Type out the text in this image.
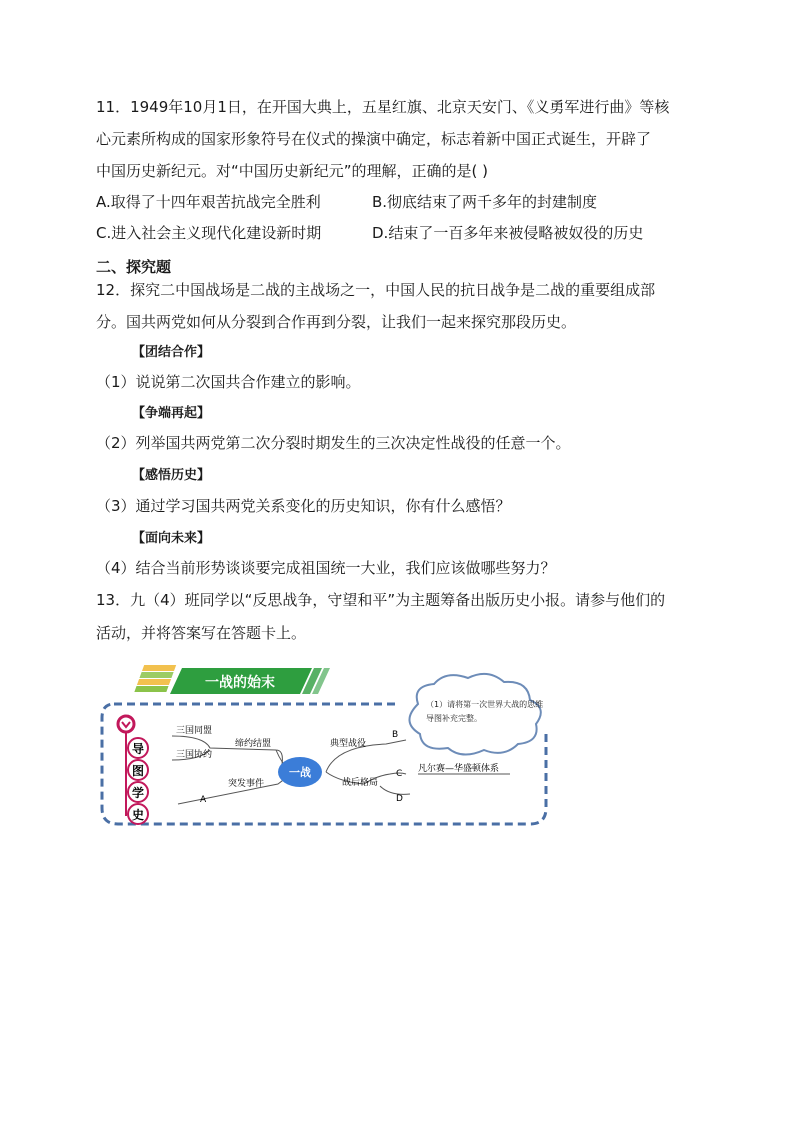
11．1949年10月1日，在开国大典上，五星红旗、北京天安门、《义勇军进行曲》等核

心元素所构成的国家形象符号在仪式的操演中确定，标志着新中国正式诞生，开辟了

中国历史新纪元。对“中国历史新纪元”的理解，正确的是( )

A.取得了十四年艰苦抗战完全胜利	B.彻底结束了两千多年的封建制度
C.进入社会主义现代化建设新时期	D.结束了一百多年来被侵略被奴役的历史

二、探究题

12．探究二中国战场是二战的主战场之一，中国人民的抗日战争是二战的重要组成部

分。国共两党如何从分裂到合作再到分裂，让我们一起来探究那段历史。

【团结合作】

（1）说说第二次国共合作建立的影响。

【争端再起】

（2）列举国共两党第二次分裂时期发生的三次决定性战役的任意一个。

【感悟历史】

（3）通过学习国共两党关系变化的历史知识，你有什么感悟？

【面向未来】

（4）结合当前形势谈谈要完成祖国统一大业，我们应该做哪些努力？

13．九（4）班同学以“反思战争，守望和平”为主题筹备出版历史小报。请参与他们的

活动，并将答案写在答题卡上。

一战的始末
导
图
学
史
（1）请将第一次世界大战的思维
导图补充完整。
一战
三国同盟
三国协约
缔约结盟
突发事件
典型战役
战后格局
凡尔赛—华盛顿体系
A
B
C
D
